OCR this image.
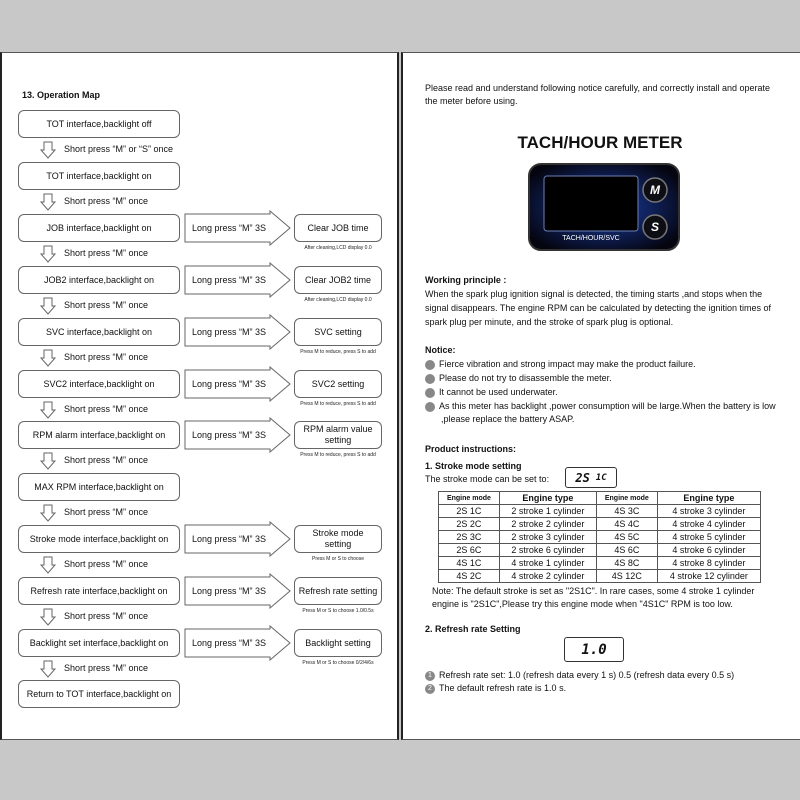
13. Operation Map
TOT interface,backlight off
TOT interface,backlight on
JOB interface,backlight on	Long press “M” 3S	Clear JOB time
After cleaning,LCD display 0.0
JOB2 interface,backlight on	Long press “M” 3S	Clear JOB2 time
After cleaning,LCD display 0.0
SVC interface,backlight on	Long press “M” 3S	SVC setting
Press M to reduce, press S to add
SVC2 interface,backlight on	Long press “M” 3S	SVC2 setting
Press M to reduce, press S to add
RPM alarm interface,backlight on	Long press “M” 3S
RPM alarm value setting
Press M to reduce, press S to add
MAX RPM interface,backlight on
Stroke mode interface,backlight on	Long press “M” 3S
Stroke mode setting
Press M or S to choose
Refresh rate interface,backlight on	Long press “M” 3S	Refresh rate setting
Press M or S to choose 1.0/0.5s
Backlight set interface,backlight on	Long press “M” 3S	Backlight setting
Press M or S to choose 0/2/4/6s
Return to TOT interface,backlight on
Short press “M” or “S” once
Short press “M” once
Short press “M” once
Short press “M” once
Short press “M” once
Short press “M” once
Short press “M” once
Short press “M” once
Short press “M” once
Short press “M” once
Short press “M” once
Please read and understand following notice carefully, and correctly install and operate the meter before using.
TACH/HOUR METER
M
S
TACH/HOUR/SVC
Working principle :
When the spark plug ignition signal is detected, the timing starts ,and stops when the signal disappears. The engine RPM can be calculated by detecting the ignition times of spark plug per minute, and the stroke of spark plug is optional.
Notice:
1 Fierce vibration and strong impact may make the product failure.
2 Please do not try to disassemble the meter.
3 It cannot be used underwater.
4 As this meter has backlight ,power consumption will be large.When the battery is low ,please replace the battery ASAP.
Product instructions:
1. Stroke mode setting
The stroke mode can be set to: 2S 1C
Engine mode	Engine type	Engine mode	Engine type
2S 1C	2 stroke 1 cylinder	4S 3C	4 stroke 3 cylinder
2S 2C	2 stroke 2 cylinder	4S 4C	4 stroke 4 cylinder
2S 3C	2 stroke 3 cylinder	4S 5C	4 stroke 5 cylinder
2S 6C	2 stroke 6 cylinder	4S 6C	4 stroke 6 cylinder
4S 1C	4 stroke 1 cylinder	4S 8C	4 stroke 8 cylinder
4S 2C	4 stroke 2 cylinder	4S 12C	4 stroke 12 cylinder
Note: The default stroke is set as "2S1C". In rare cases, some 4 stroke 1 cylinder engine is "2S1C",Please try this engine mode when "4S1C" RPM is too low.
2. Refresh rate Setting
1.0
1 Refresh rate set: 1.0 (refresh data every 1 s) 0.5 (refresh data every 0.5 s)
2 The default refresh rate is 1.0 s.
